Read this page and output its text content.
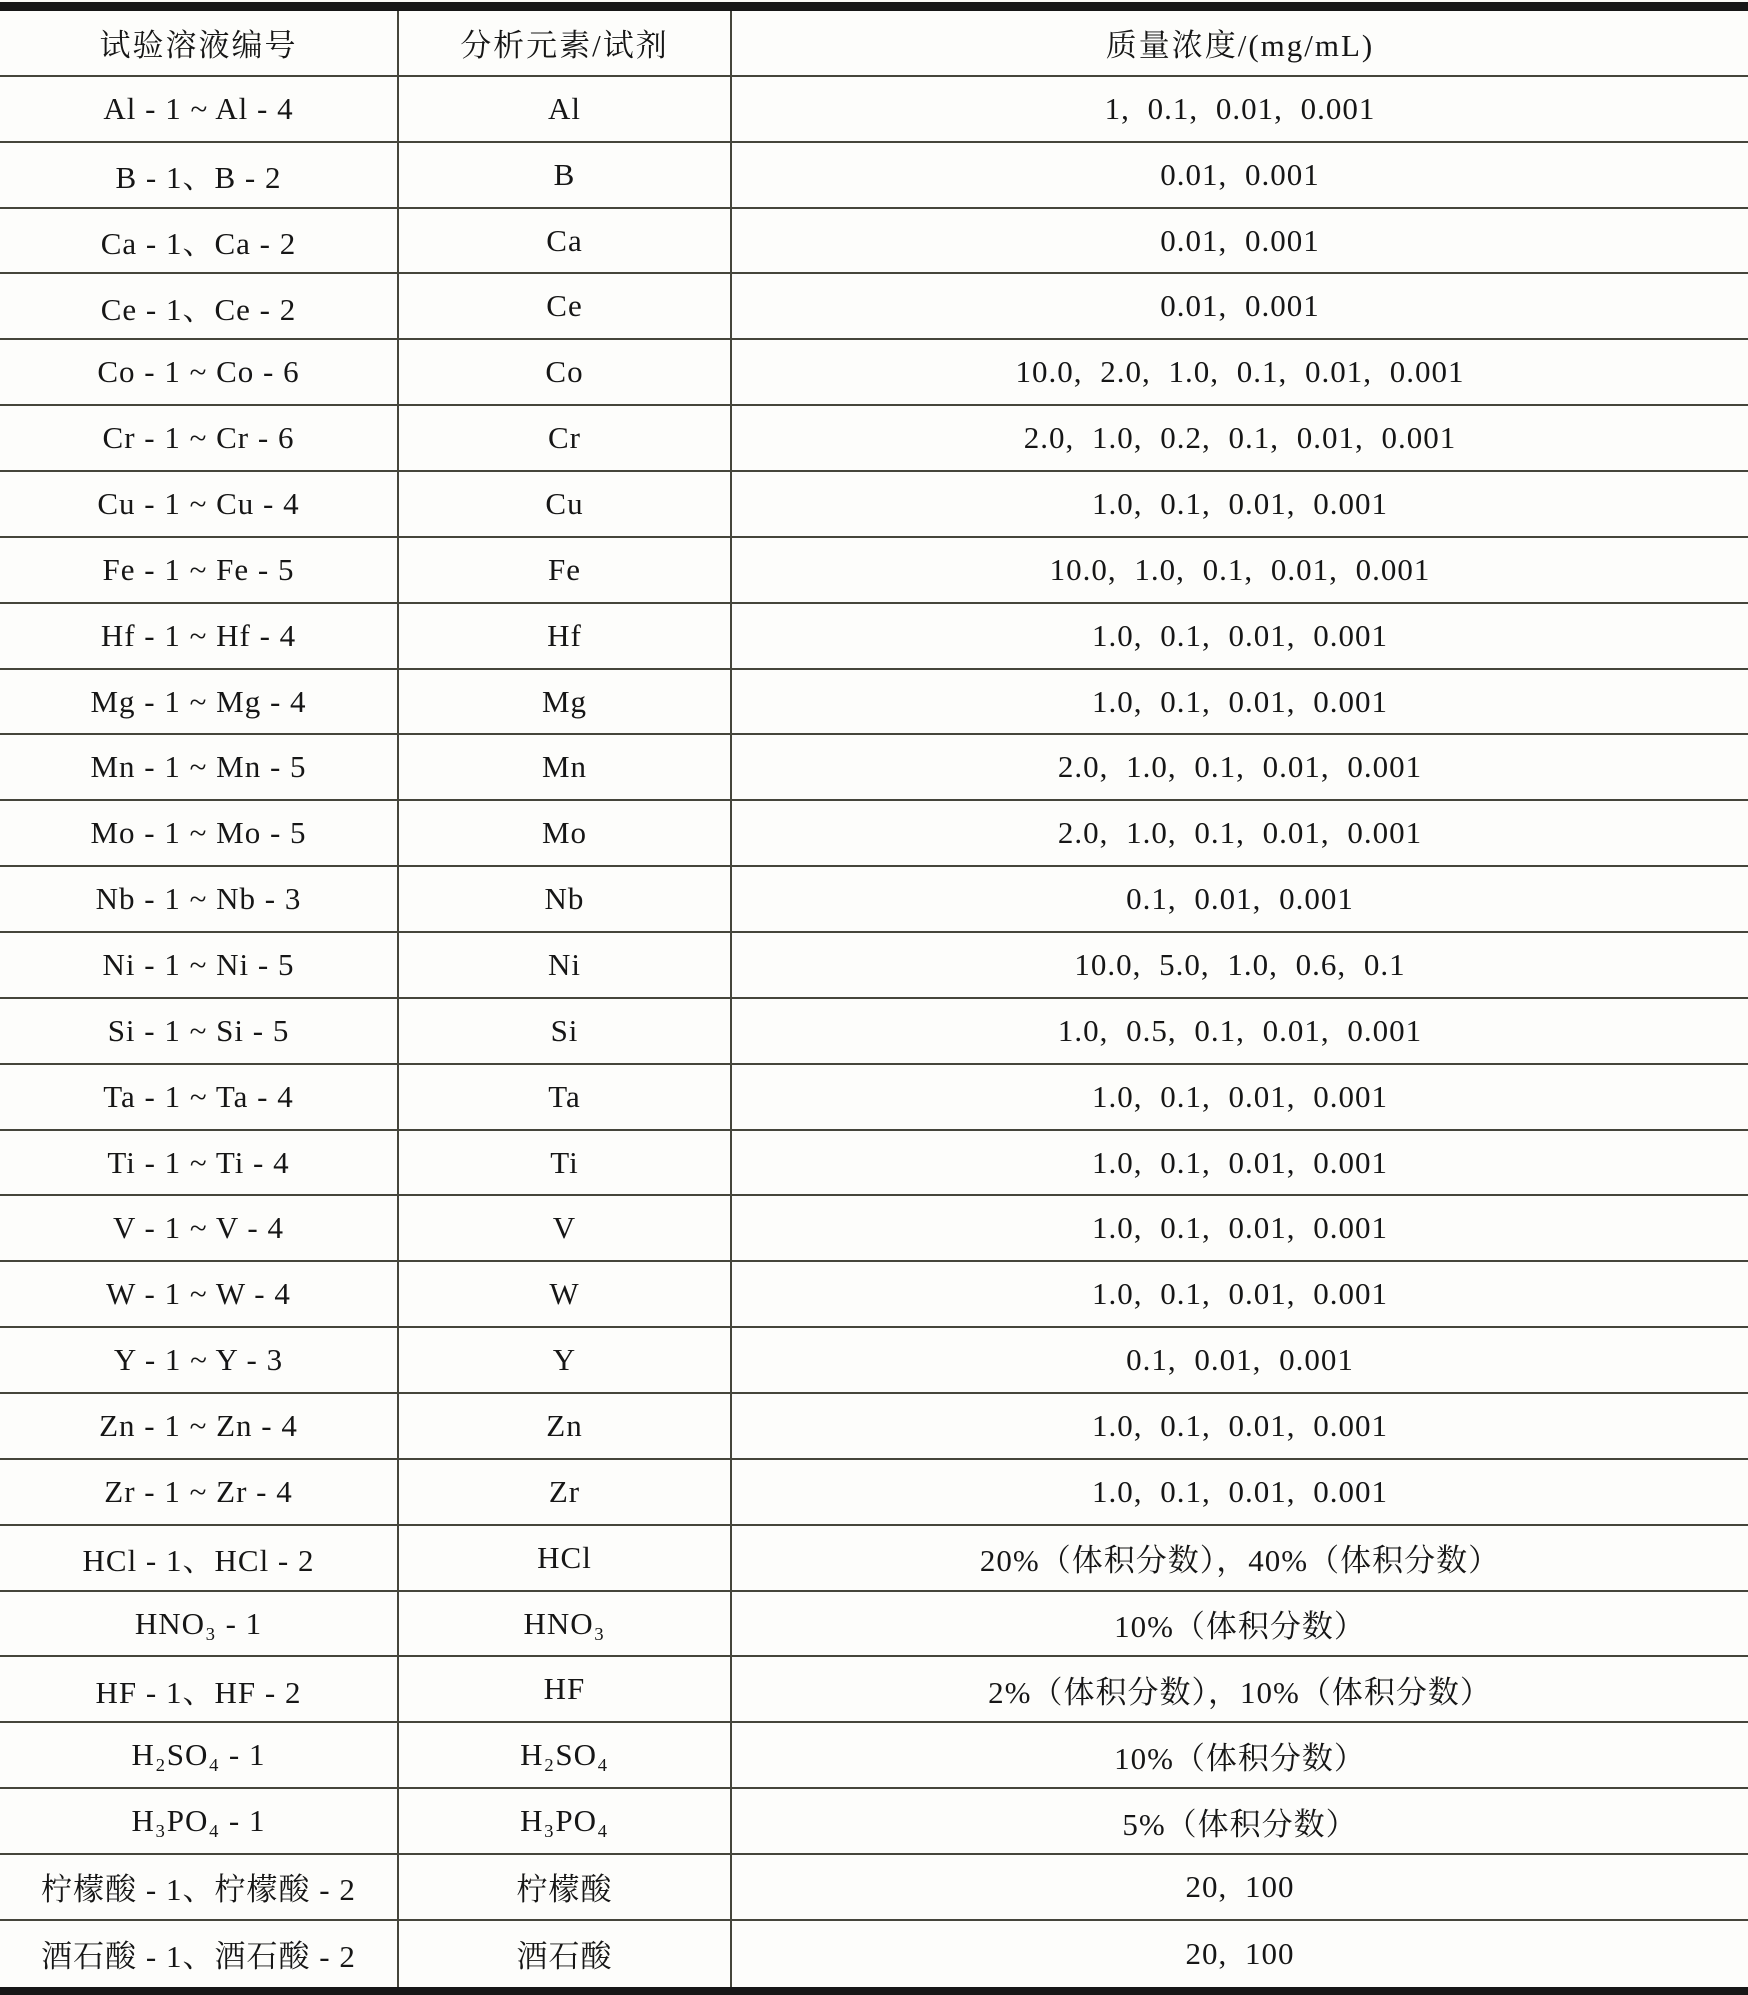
试验溶液编号	分析元素/试剂	质量浓度/(mg/mL)
Al - 1 ~ Al - 4	Al	1, 0.1, 0.01, 0.001
B - 1、B - 2	B	0.01, 0.001
Ca - 1、Ca - 2	Ca	0.01, 0.001
Ce - 1、Ce - 2	Ce	0.01, 0.001
Co - 1 ~ Co - 6	Co	10.0, 2.0, 1.0, 0.1, 0.01, 0.001
Cr - 1 ~ Cr - 6	Cr	2.0, 1.0, 0.2, 0.1, 0.01, 0.001
Cu - 1 ~ Cu - 4	Cu	1.0, 0.1, 0.01, 0.001
Fe - 1 ~ Fe - 5	Fe	10.0, 1.0, 0.1, 0.01, 0.001
Hf - 1 ~ Hf - 4	Hf	1.0, 0.1, 0.01, 0.001
Mg - 1 ~ Mg - 4	Mg	1.0, 0.1, 0.01, 0.001
Mn - 1 ~ Mn - 5	Mn	2.0, 1.0, 0.1, 0.01, 0.001
Mo - 1 ~ Mo - 5	Mo	2.0, 1.0, 0.1, 0.01, 0.001
Nb - 1 ~ Nb - 3	Nb	0.1, 0.01, 0.001
Ni - 1 ~ Ni - 5	Ni	10.0, 5.0, 1.0, 0.6, 0.1
Si - 1 ~ Si - 5	Si	1.0, 0.5, 0.1, 0.01, 0.001
Ta - 1 ~ Ta - 4	Ta	1.0, 0.1, 0.01, 0.001
Ti - 1 ~ Ti - 4	Ti	1.0, 0.1, 0.01, 0.001
V - 1 ~ V - 4	V	1.0, 0.1, 0.01, 0.001
W - 1 ~ W - 4	W	1.0, 0.1, 0.01, 0.001
Y - 1 ~ Y - 3	Y	0.1, 0.01, 0.001
Zn - 1 ~ Zn - 4	Zn	1.0, 0.1, 0.01, 0.001
Zr - 1 ~ Zr - 4	Zr	1.0, 0.1, 0.01, 0.001
HCl - 1、HCl - 2	HCl	20%（体积分数），40%（体积分数）
HNO₃ - 1	HNO₃	10%（体积分数）
HF - 1、HF - 2	HF	2%（体积分数），10%（体积分数）
H₂SO₄ - 1	H₂SO₄	10%（体积分数）
H₃PO₄ - 1	H₃PO₄	5%（体积分数）
柠檬酸 - 1、柠檬酸 - 2	柠檬酸	20, 100
酒石酸 - 1、酒石酸 - 2	酒石酸	20, 100
